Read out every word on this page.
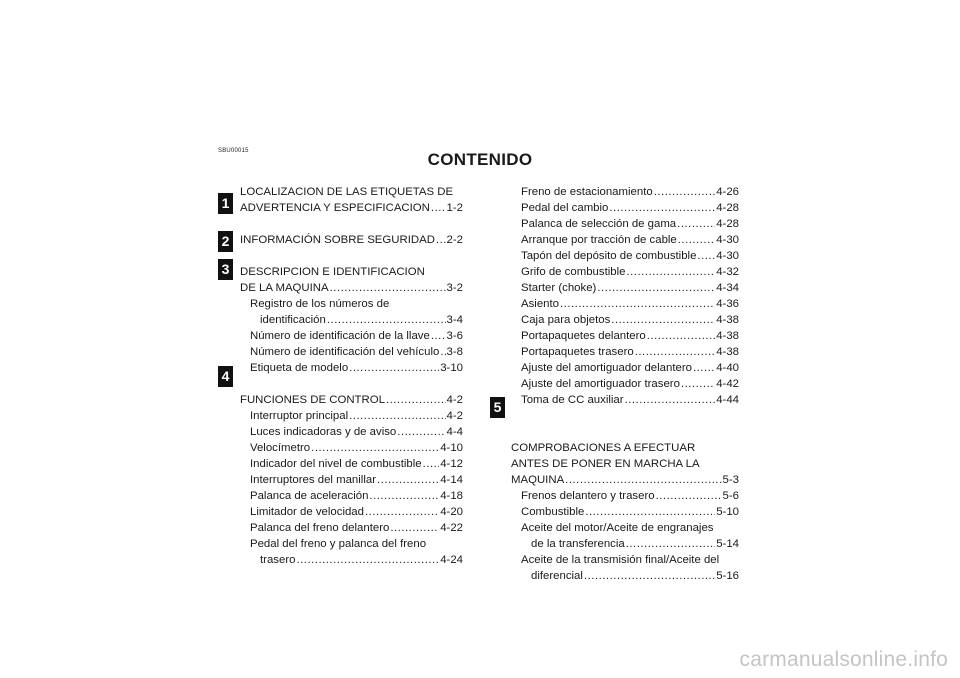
SBU00015	CONTENIDO
1
2
3
4
5
LOCALIZACION DE LAS ETIQUETAS DE
ADVERTENCIA Y ESPECIFICACION ..... 1-2
INFORMACIÓN SOBRE SEGURIDAD ..... 2-2
DESCRIPCION E IDENTIFICACION
DE LA MAQUINA .....	3-2
Registro de los números de
identificación .....	3-4
Número de identificación de la llave ..... 3-6
Número de identificación del vehículo ..... 3-8
Etiqueta de modelo .....	3-10
FUNCIONES DE CONTROL .....	4-2
Interruptor principal .....	4-2
Luces indicadoras y de aviso .....	4-4
Velocímetro .....	4-10
Indicador del nivel de combustible ..... 4-12
Interruptores del manillar .....	4-14
Palanca de aceleración .....	4-18
Limitador de velocidad .....	4-20
Palanca del freno delantero .....	4-22
Pedal del freno y palanca del freno
trasero .....	4-24
Freno de estacionamiento .....	4-26
Pedal del cambio .....	4-28
Palanca de selección de gama .....	4-28
Arranque por tracción de cable .....	4-30
Tapón del depósito de combustible ..... 4-30
Grifo de combustible .....	4-32
Starter (choke) .....	4-34
Asiento .....	4-36
Caja para objetos .....	4-38
Portapaquetes delantero .....	4-38
Portapaquetes trasero .....	4-38
Ajuste del amortiguador delantero ..... 4-40
Ajuste del amortiguador trasero .....	4-42
Toma de CC auxiliar .....	4-44
COMPROBACIONES A EFECTUAR
ANTES DE PONER EN MARCHA LA
MAQUINA .....	5-3
Frenos delantero y trasero .....	5-6
Combustible .....	5-10
Aceite del motor/Aceite de engranajes
de la transferencia .....	5-14
Aceite de la transmisión final/Aceite del
diferencial .....	5-16
carmanualsonline.info
